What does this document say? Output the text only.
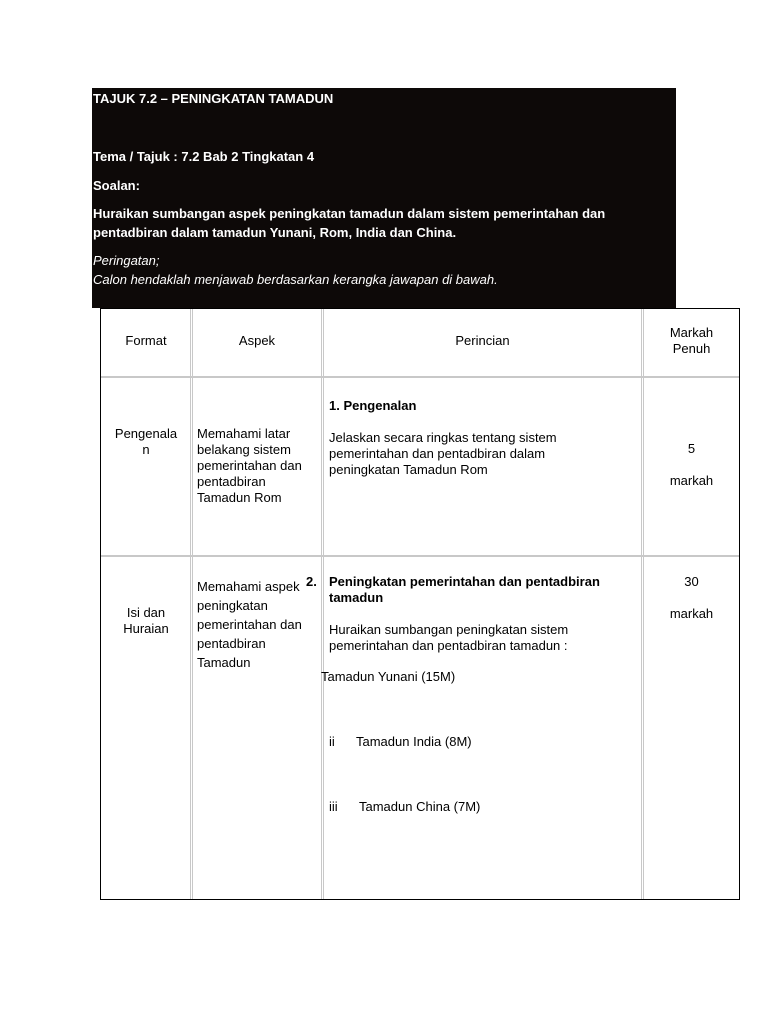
TAJUK 7.2 – PENINGKATAN TAMADUN
Tema / Tajuk : 7.2 Bab 2 Tingkatan 4
Soalan:
Huraikan sumbangan aspek peningkatan tamadun dalam sistem pemerintahan dan
pentadbiran dalam tamadun Yunani, Rom, India dan China.
Peringatan;
Calon hendaklah menjawab berdasarkan kerangka jawapan di bawah.
Format	Aspek	Perincian
Markah
Penuh
Pengenala
n
Memahami latar
belakang sistem
pemerintahan dan
pentadbiran
Tamadun Rom
1. Pengenalan
Jelaskan secara ringkas tentang sistem
pemerintahan dan pentadbiran dalam
peningkatan Tamadun Rom
5
markah
Isi dan
Huraian
Memahami aspek
peningkatan
pemerintahan dan
pentadbiran
Tamadun
2. Peningkatan pemerintahan dan pentadbiran
tamadun
Huraikan sumbangan peningkatan sistem
pemerintahan dan pentadbiran tamadun :
Tamadun Yunani (15M)
ii Tamadun India (8M)
iii Tamadun China (7M)
30
markah
